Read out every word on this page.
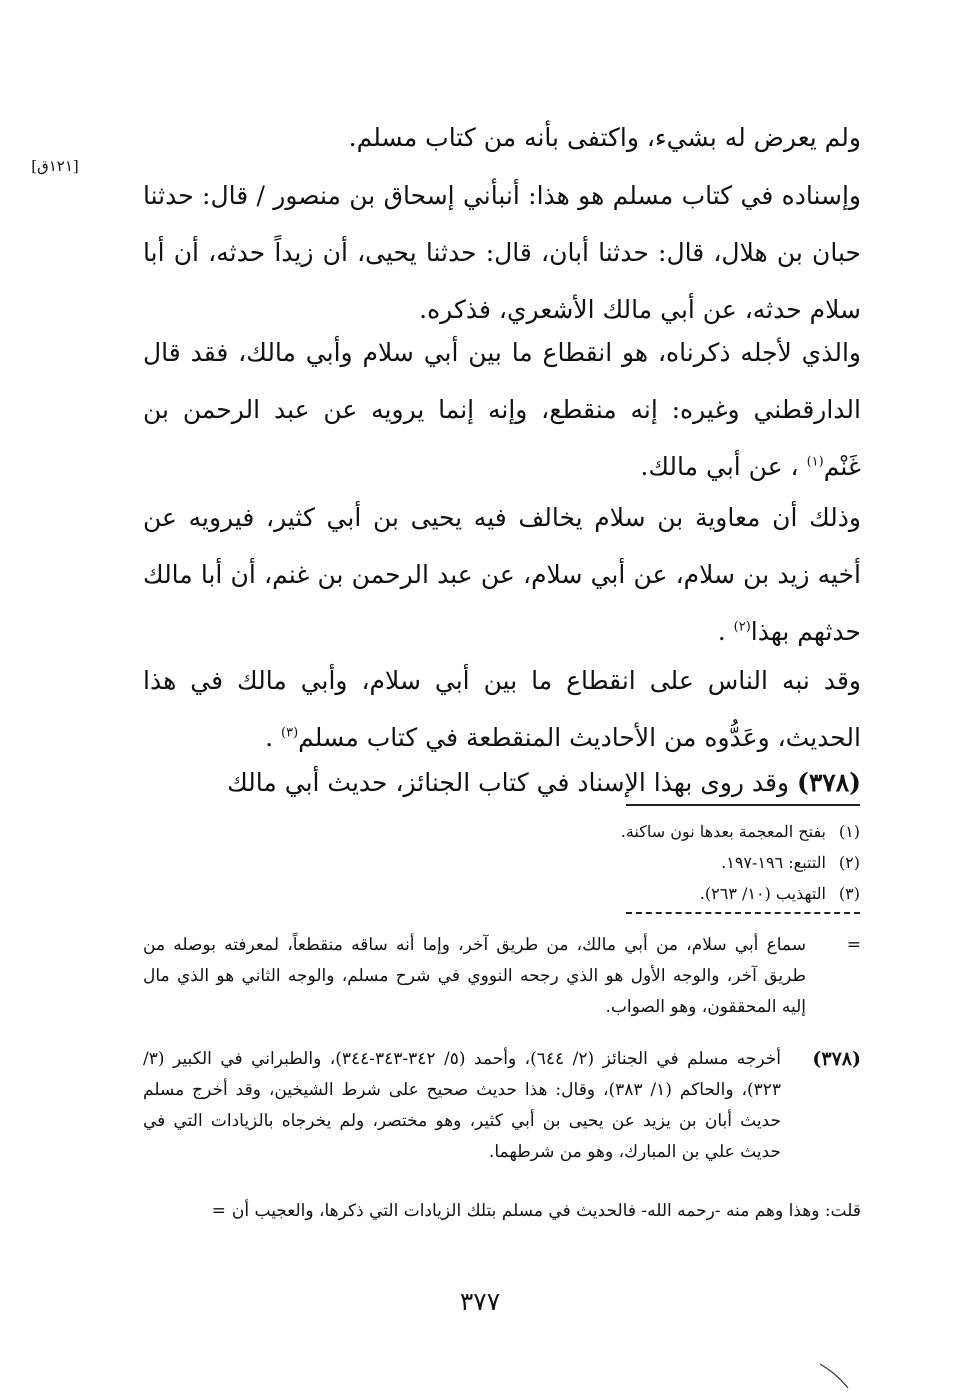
[١٢١ق]

ولم يعرض له بشيء، واكتفى بأنه من كتاب مسلم.

وإسناده في كتاب مسلم هو هذا: أنبأني إسحاق بن منصور / قال: حدثنا حبان بن هلال، قال: حدثنا أبان، قال: حدثنا يحيى، أن زيداً حدثه، أن أبا سلام حدثه، عن أبي مالك الأشعري، فذكره.

والذي لأجله ذكرناه، هو انقطاع ما بين أبي سلام وأبي مالك، فقد قال الدارقطني وغيره: إنه منقطع، وإنه إنما يرويه عن عبد الرحمن بن غَنْم$^{(١)}$ ، عن أبي مالك.

وذلك أن معاوية بن سلام يخالف فيه يحيى بن أبي كثير، فيرويه عن أخيه زيد بن سلام، عن أبي سلام، عن عبد الرحمن بن غنم، أن أبا مالك حدثهم بهذا$^{(٢)}$ .

وقد نبه الناس على انقطاع ما بين أبي سلام، وأبي مالك في هذا الحديث، وعَدُّوه من الأحاديث المنقطعة في كتاب مسلم$^{(٣)}$ .

(٣٧٨) وقد روى بهذا الإسناد في كتاب الجنائز، حديث أبي مالك

(١)بفتح المعجمة بعدها نون ساكنة.
(٢)التتبع: ١٩٦-١٩٧.
(٣)التهذيب (١٠/ ٢٦٣).
=
سماع أبي سلام، من أبي مالك، من طريق آخر، وإما أنه ساقه منقطعاً، لمعرفته بوصله من طريق آخر، والوجه الأول هو الذي رجحه النووي في شرح مسلم، والوجه الثاني هو الذي مال إليه المحققون، وهو الصواب.
(٣٧٨)
أخرجه مسلم في الجنائز (٢/ ٦٤٤)، وأحمد (٥/ ٣٤٢-٣٤٣-٣٤٤)، والطبراني في الكبير (٣/ ٣٢٣)، والحاكم (١/ ٣٨٣)، وقال: هذا حديث صحيح على شرط الشيخين، وقد أخرج مسلم حديث أبان بن يزيد عن يحيى بن أبي كثير، وهو مختصر، ولم يخرجاه بالزيادات التي في حديث علي بن المبارك، وهو من شرطهما.
قلت: وهذا وهم منه -رحمه الله- فالحديث في مسلم بتلك الزيادات التي ذكرها، والعجيب أن=
٣٧٧
